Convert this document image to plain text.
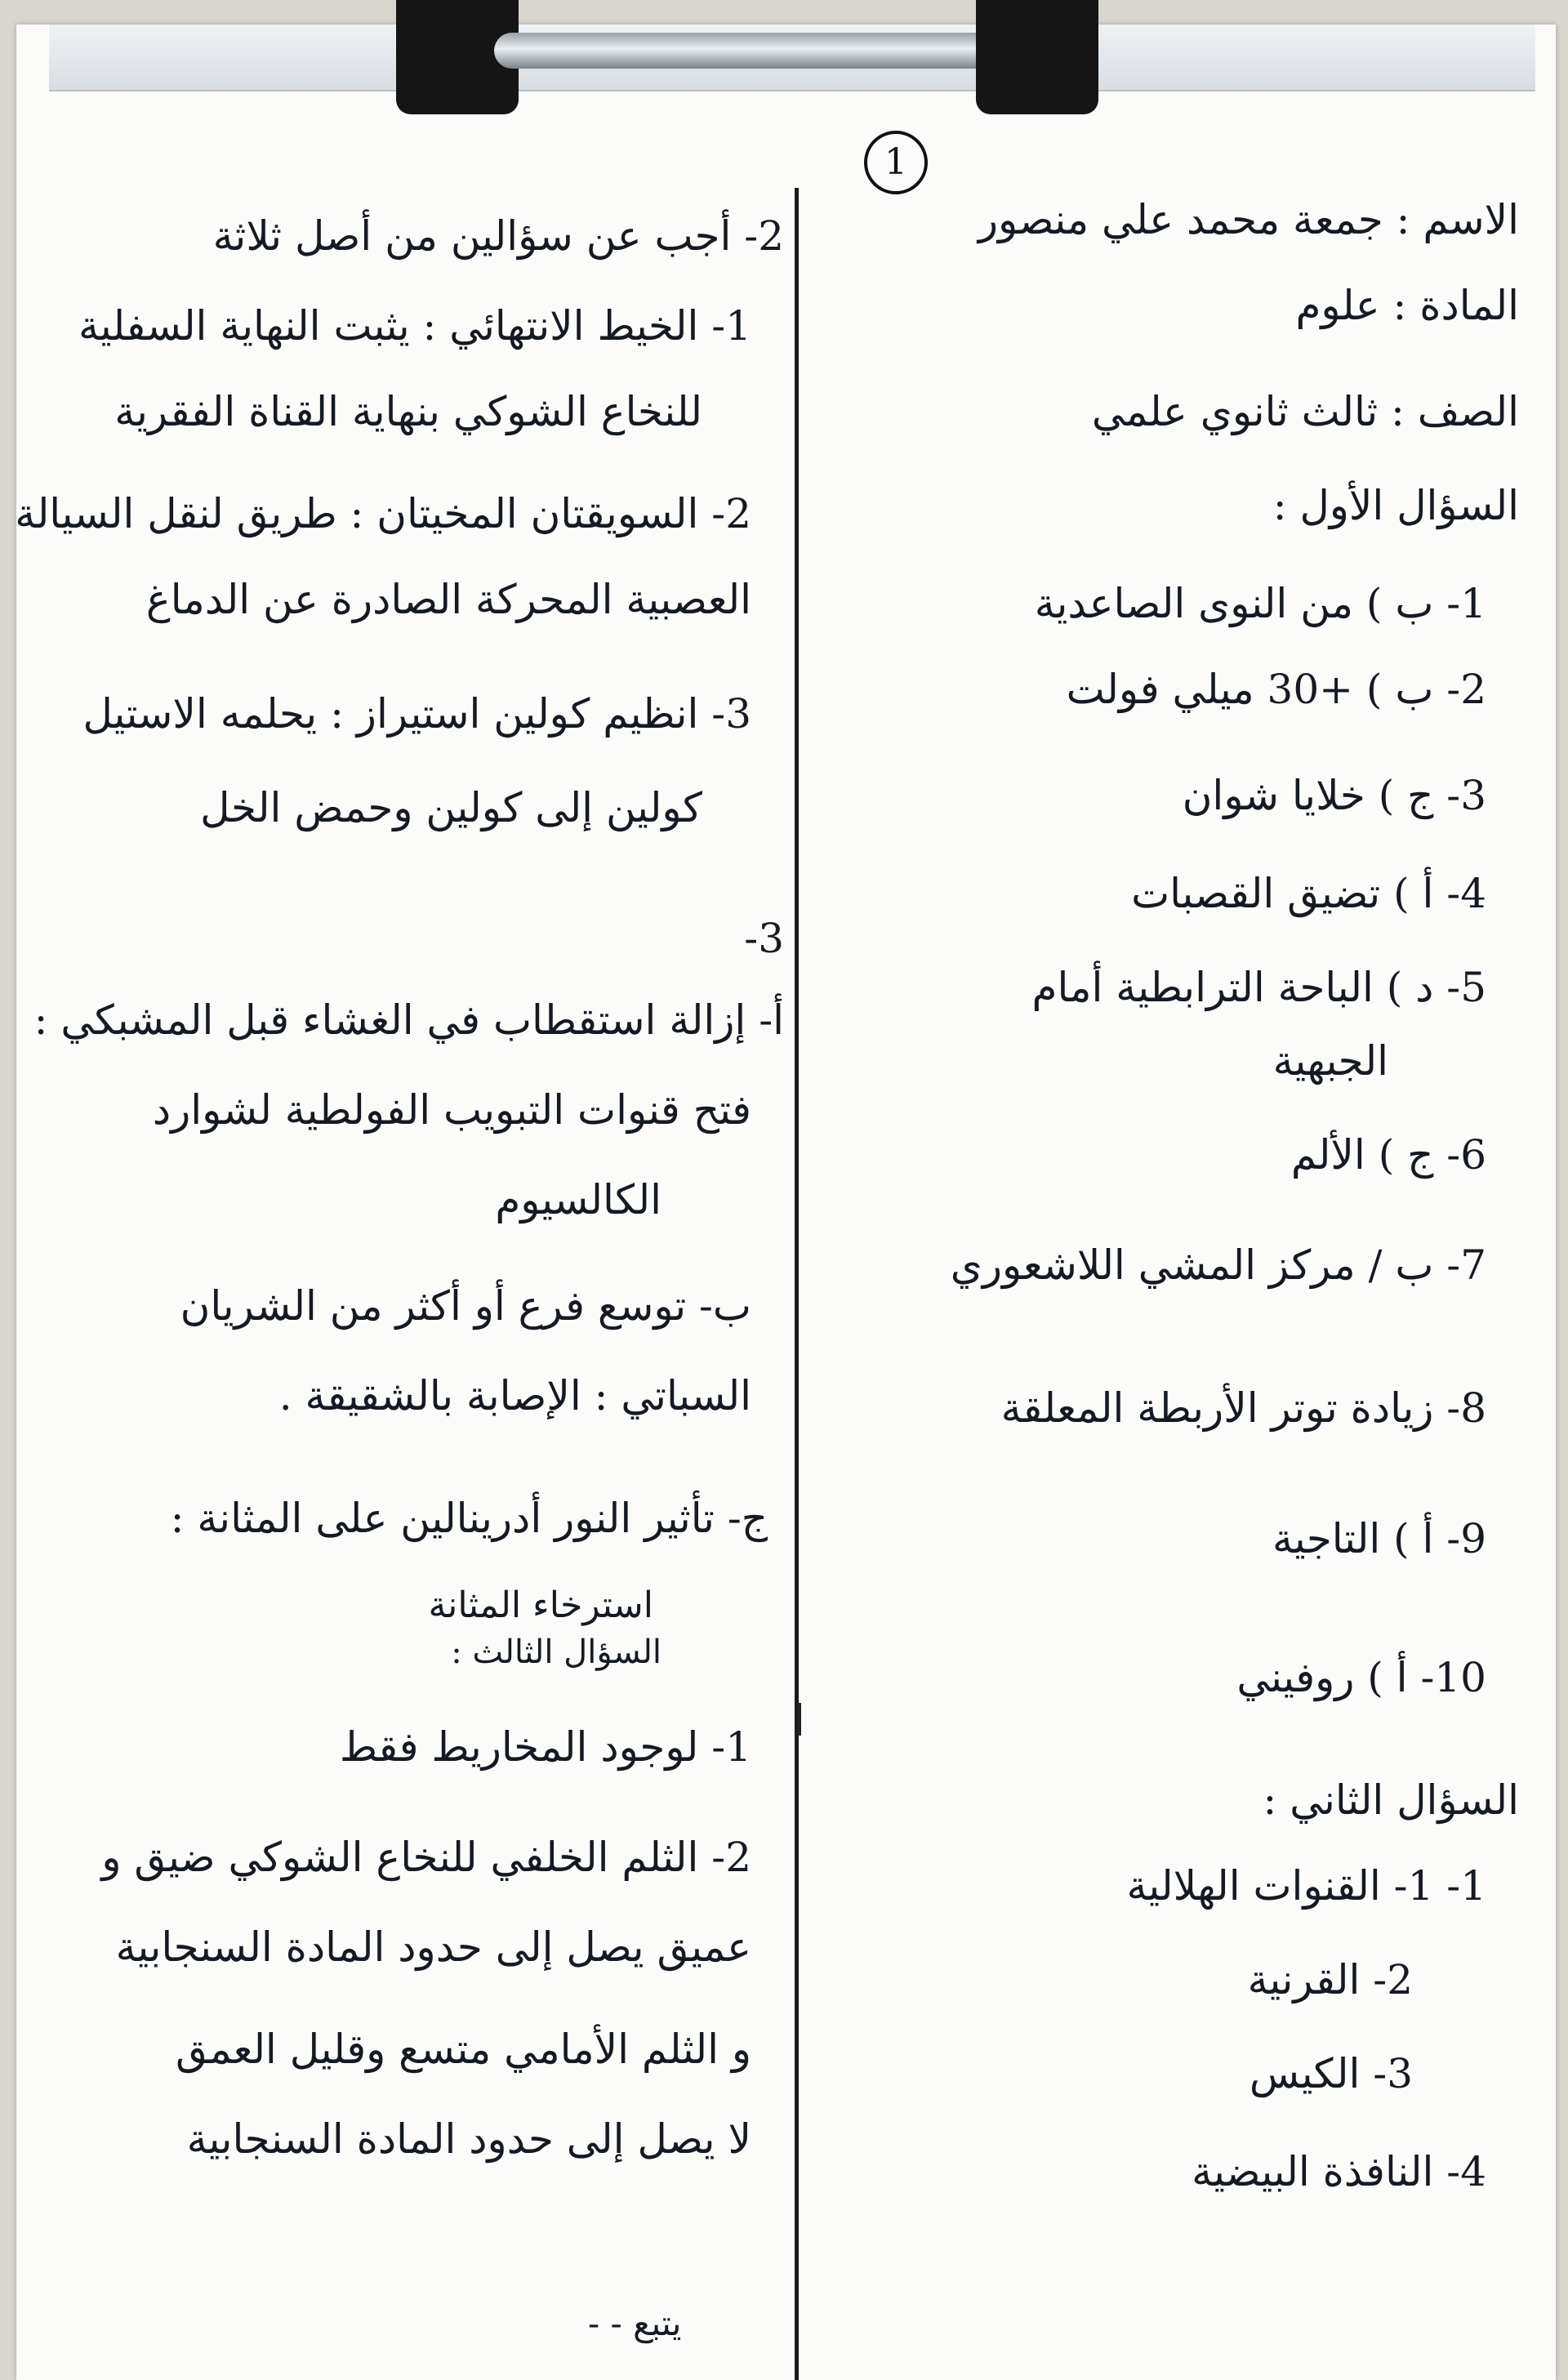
1
الاسم : جمعة محمد علي منصور
المادة : علوم
الصف : ثالث ثانوي علمي
السؤال الأول :
1- ب ) من النوى الصاعدية
2- ب ) +30 ميلي فولت
3- ج ) خلايا شوان
4- أ ) تضيق القصبات
5- د ) الباحة الترابطية أمام
الجبهية
6- ج ) الألم
7- ب / مركز المشي اللاشعوري
8- زيادة توتر الأربطة المعلقة
9- أ ) التاجية
10- أ ) روفيني
السؤال الثاني :
1- 1- القنوات الهلالية
2- القرنية
3- الكيس
4- النافذة البيضية
2- أجب عن سؤالين من أصل ثلاثة
1- الخيط الانتهائي : يثبت النهاية السفلية
للنخاع الشوكي بنهاية القناة الفقرية
2- السويقتان المخيتان : طريق لنقل السيالة
العصبية المحركة الصادرة عن الدماغ
3- انظيم كولين استيراز : يحلمه الاستيل
كولين إلى كولين وحمض الخل
3-
أ- إزالة استقطاب في الغشاء قبل المشبكي :
فتح قنوات التبويب الفولطية لشوارد
الكالسيوم
ب- توسع فرع أو أكثر من الشريان
السباتي : الإصابة بالشقيقة .
ج- تأثير النور أدرينالين على المثانة :
استرخاء المثانة
السؤال الثالث :
1- لوجود المخاريط فقط
2- الثلم الخلفي للنخاع الشوكي ضيق و
عميق يصل إلى حدود المادة السنجابية
و الثلم الأمامي متسع وقليل العمق
لا يصل إلى حدود المادة السنجابية
يتبع - -
